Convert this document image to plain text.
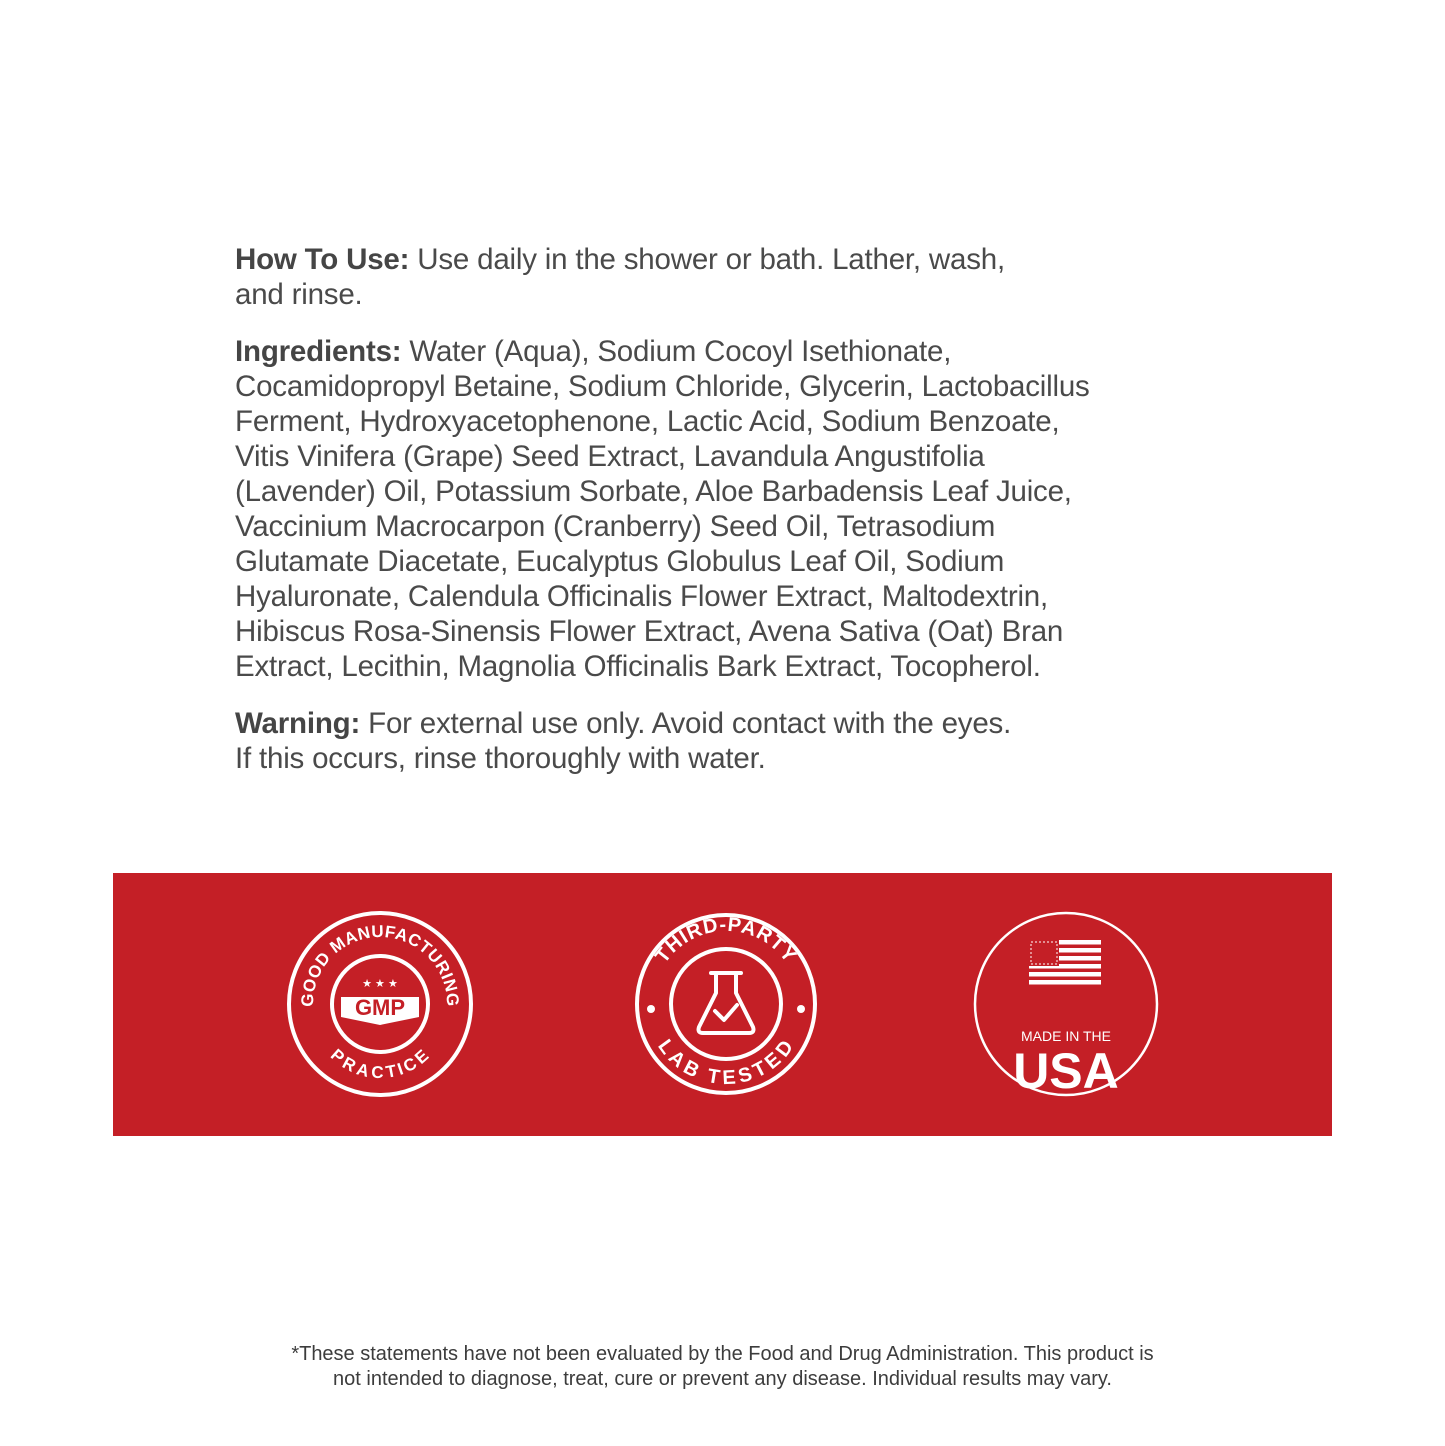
How To Use: Use daily in the shower or bath. Lather, wash,
and rinse.

Ingredients: Water (Aqua), Sodium Cocoyl Isethionate,
Cocamidopropyl Betaine, Sodium Chloride, Glycerin, Lactobacillus
Ferment, Hydroxyacetophenone, Lactic Acid, Sodium Benzoate,
Vitis Vinifera (Grape) Seed Extract, Lavandula Angustifolia
(Lavender) Oil, Potassium Sorbate, Aloe Barbadensis Leaf Juice,
Vaccinium Macrocarpon (Cranberry) Seed Oil, Tetrasodium
Glutamate Diacetate, Eucalyptus Globulus Leaf Oil, Sodium
Hyaluronate, Calendula Officinalis Flower Extract, Maltodextrin,
Hibiscus Rosa-Sinensis Flower Extract, Avena Sativa (Oat) Bran
Extract, Lecithin, Magnolia Officinalis Bark Extract, Tocopherol.

Warning: For external use only. Avoid contact with the eyes.
If this occurs, rinse thoroughly with water.

GOOD MANUFACTURING
PRACTICE
★ ★ ★
GMP
THIRD-PARTY
LAB TESTED	MADE IN THE
USA
*These statements have not been evaluated by the Food and Drug Administration. This product is
not intended to diagnose, treat, cure or prevent any disease. Individual results may vary.
